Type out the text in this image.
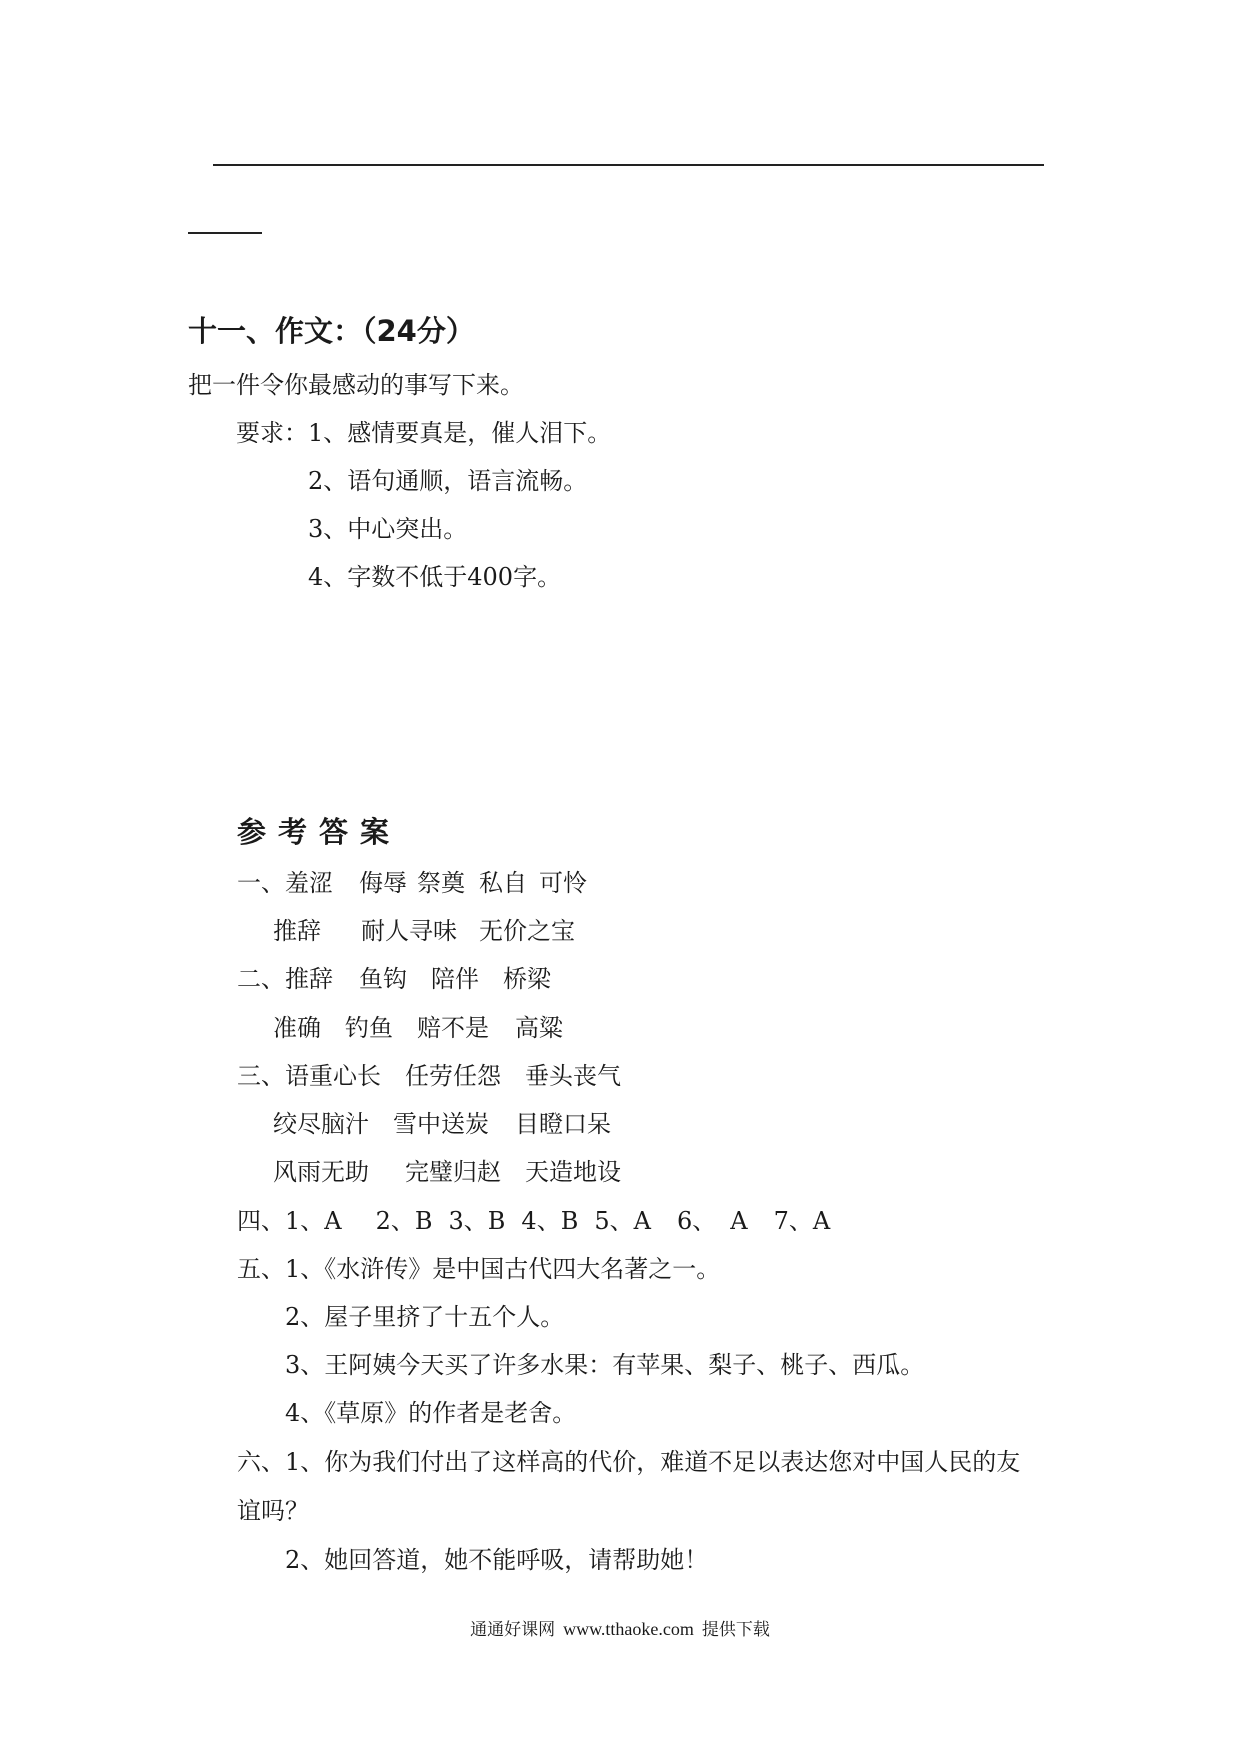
十一、作文：（24分）
把一件令你最感动的事写下来。
要求：1、感情要真是，催人泪下。
2、语句通顺，语言流畅。
3、中心突出。
4、字数不低于400字。
参考答案
一、羞涩 侮辱 祭奠 私自 可怜
推辞 耐人寻味 无价之宝
二、推辞 鱼钩 陪伴 桥梁
准确 钓鱼 赔不是 高粱
三、语重心长 任劳任怨 垂头丧气
绞尽脑汁 雪中送炭 目瞪口呆
风雨无助 完璧归赵 天造地设
四、1、A 2、B 3、B 4、B 5、A 6、 A 7、A
五、1、《水浒传》是中国古代四大名著之一。
2、屋子里挤了十五个人。
3、王阿姨今天买了许多水果：有苹果、梨子、桃子、西瓜。
4、《草原》的作者是老舍。
六、1、你为我们付出了这样高的代价，难道不足以表达您对中国人民的友
谊吗？
2、她回答道，她不能呼吸，请帮助她！
通通好课网 www.tthaoke.com 提供下载
